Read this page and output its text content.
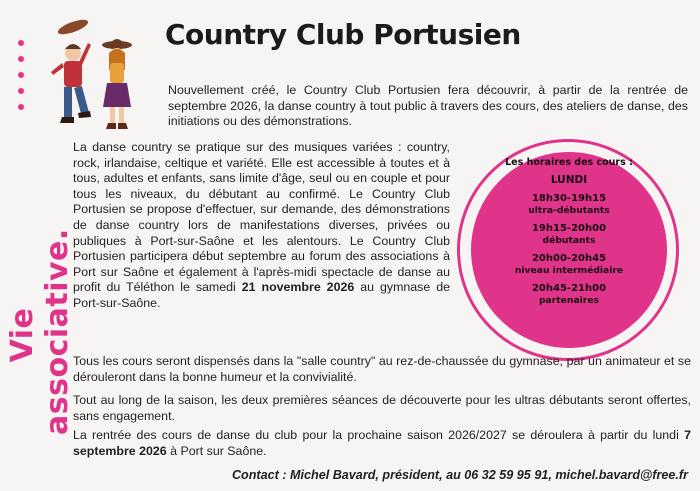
Vie associative.
Country Club Portusien

Nouvellement créé, le Country Club Portusien fera découvrir, à partir de la rentrée de septembre 2026, la danse country à tout public à travers des cours, des ateliers de danse, des initiations ou des démonstrations.

La danse country se pratique sur des musiques variées : country, rock, irlandaise, celtique et variété. Elle est accessible à toutes et à tous, adultes et enfants, sans limite d'âge, seul ou en couple et pour tous les niveaux, du débutant au confirmé. Le Country Club Portusien se propose d'effectuer, sur demande, des démonstrations de danse country lors de manifestations diverses, privées ou publiques à Port-sur-Saône et les alentours. Le Country Club Portusien participera début septembre au forum des associations à Port sur Saône et également à l'après-midi spectacle de danse au profit du Téléthon le samedi 21 novembre 2026 au gymnase de Port-sur-Saône.

Les horaires des cours :
LUNDI
18h30-19h15
ultra-débutants
19h15-20h00
débutants
20h00-20h45
niveau intermédiaire
20h45-21h00
partenaires

Tous les cours seront dispensés dans la "salle country" au rez-de-chaussée du gymnase, par un animateur et se dérouleront dans la bonne humeur et la convivialité.

Tout au long de la saison, les deux premières séances de découverte pour les ultras débutants seront offertes, sans engagement.

La rentrée des cours de danse du club pour la prochaine saison 2026/2027 se déroulera à partir du lundi 7 septembre 2026 à Port sur Saône.

Contact : Michel Bavard, président, au 06 32 59 95 91, michel.bavard@free.fr
